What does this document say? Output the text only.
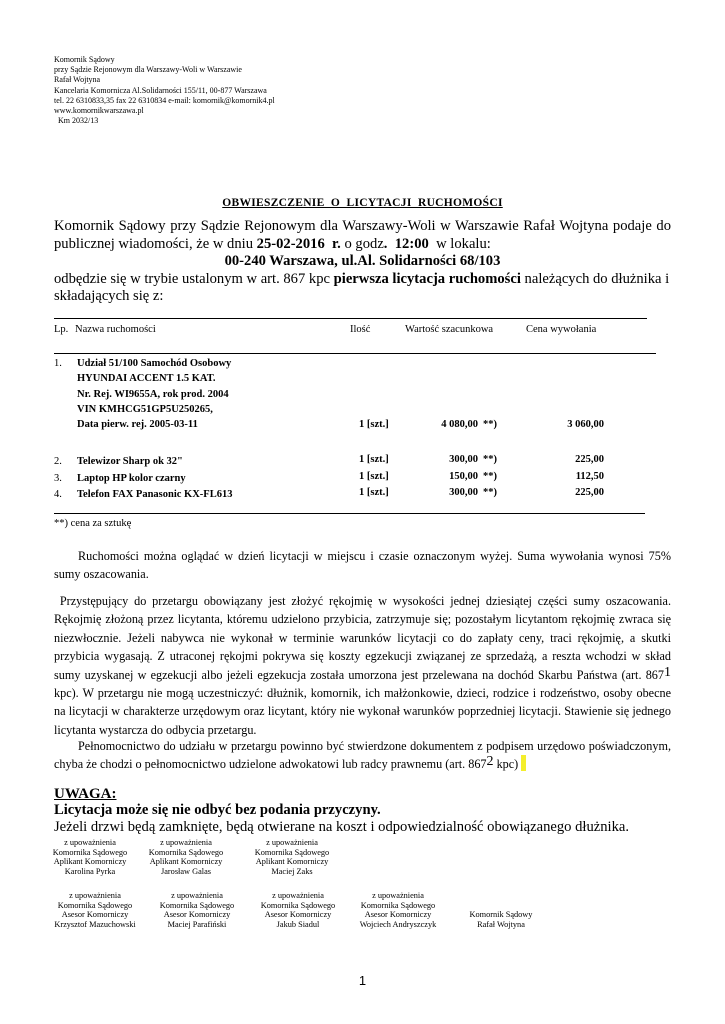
Komornik Sądowy
przy Sądzie Rejonowym dla Warszawy-Woli w Warszawie
Rafał Wojtyna
Kancelaria Komornicza Al.Solidarności 155/11, 00-877 Warszawa
tel. 22 6310833,35 fax 22 6310834 e-mail: komornik@komornik4.pl
www.komornikwarszawa.pl
Km 2032/13
OBWIESZCZENIE  O  LICYTACJI  RUCHOMOŚCI
Komornik Sądowy przy Sądzie Rejonowym dla Warszawy-Woli w Warszawie Rafał Wojtyna podaje do publicznej wiadomości, że w dniu 25-02-2016  r. o godz.  12:00  w lokalu:
00-240 Warszawa, ul.Al. Solidarności 68/103
odbędzie się w trybie ustalonym w art. 867 kpc pierwsza licytacja ruchomości należących do dłużnika i składających się z:
Lp. Nazwa ruchomości	Ilość	Wartość szacunkowa	Cena wywołania
1. Udział 51/100 Samochód Osobowy
HYUNDAI ACCENT 1.5 KAT.
Nr. Rej. WI9655A, rok prod. 2004
VIN KMHCG51GP5U250265,
Data pierw. rej. 2005-03-11	1 [szt.]	4 080,00 **)	3 060,00
2. Telewizor Sharp ok 32"	1 [szt.]	300,00 **)	225,00
3. Laptop HP kolor czarny	1 [szt.]	150,00 **)	112,50
4. Telefon FAX Panasonic KX-FL613	1 [szt.]	300,00 **)	225,00
**) cena za sztukę
Ruchomości można oglądać w dzień licytacji w miejscu i czasie oznaczonym wyżej. Suma wywołania wynosi 75% sumy oszacowania.
Przystępujący do przetargu obowiązany jest złożyć rękojmię w wysokości jednej dziesiątej części sumy oszacowania. Rękojmię złożoną przez licytanta, któremu udzielono przybicia, zatrzymuje się; pozostałym licytantom rękojmię zwraca się niezwłocznie. Jeżeli nabywca nie wykonał w terminie warunków licytacji co do zapłaty ceny, traci rękojmię, a skutki przybicia wygasają. Z utraconej rękojmi pokrywa się koszty egzekucji związanej ze sprzedażą, a reszta wchodzi w skład sumy uzyskanej w egzekucji albo jeżeli egzekucja została umorzona jest przelewana na dochód Skarbu Państwa (art. $867^1$ kpc). W przetargu nie mogą uczestniczyć: dłużnik, komornik, ich małżonkowie, dzieci, rodzice i rodzeństwo, osoby obecne na licytacji w charakterze urzędowym oraz licytant, który nie wykonał warunków poprzedniej licytacji. Stawienie się jednego licytanta wystarcza do odbycia przetargu.
Pełnomocnictwo do udziału w przetargu powinno być stwierdzone dokumentem z podpisem urzędowo poświadczonym, chyba że chodzi o pełnomocnictwo udzielone adwokatowi lub radcy prawnemu (art. $867^2$ kpc)
UWAGA:
Licytacja może się nie odbyć bez podania przyczyny.
Jeżeli drzwi będą zamknięte, będą otwierane na koszt i odpowiedzialność obowiązanego dłużnika.
z upoważnienia
Komornika Sądowego
Aplikant Komorniczy
Karolina Pyrka
z upoważnienia
Komornika Sądowego
Aplikant Komorniczy
Jarosław Galas
z upoważnienia
Komornika Sądowego
Aplikant Komorniczy
Maciej Zaks
z upoważnienia
Komornika Sądowego
Asesor Komorniczy
Krzysztof Mazuchowski
z upoważnienia
Komornika Sądowego
Asesor Komorniczy
Maciej Parafiński
z upoważnienia
Komornika Sądowego
Asesor Komorniczy
Jakub Siadul
z upoważnienia
Komornika Sądowego
Asesor Komorniczy
Wojciech Andryszczyk
Komornik Sądowy
Rafał Wojtyna
1
